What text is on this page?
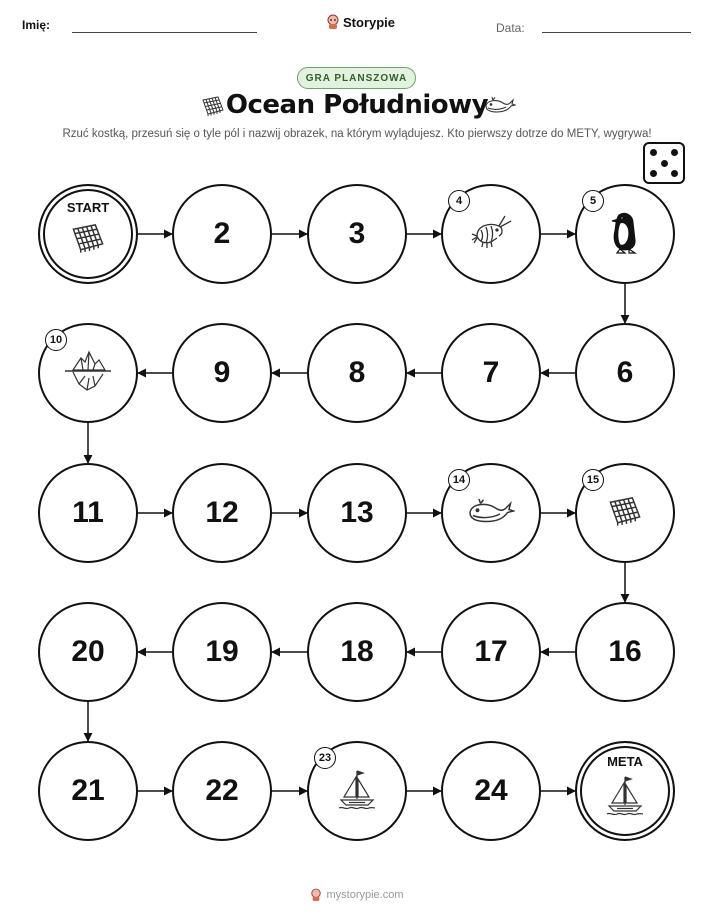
Imię:	Storypie	Data:
GRA PLANSZOWA
Ocean Południowy
Rzuć kostką, przesuń się o tyle pól i nazwij obrazek, na którym wylądujesz. Kto pierwszy dotrze do METY, wygrywa!
START
2	3
4	5
6
7
8
9
10
11	12	13
14	15
16
17
18
19
20
21	22
23
24
META
mystorypie.com
